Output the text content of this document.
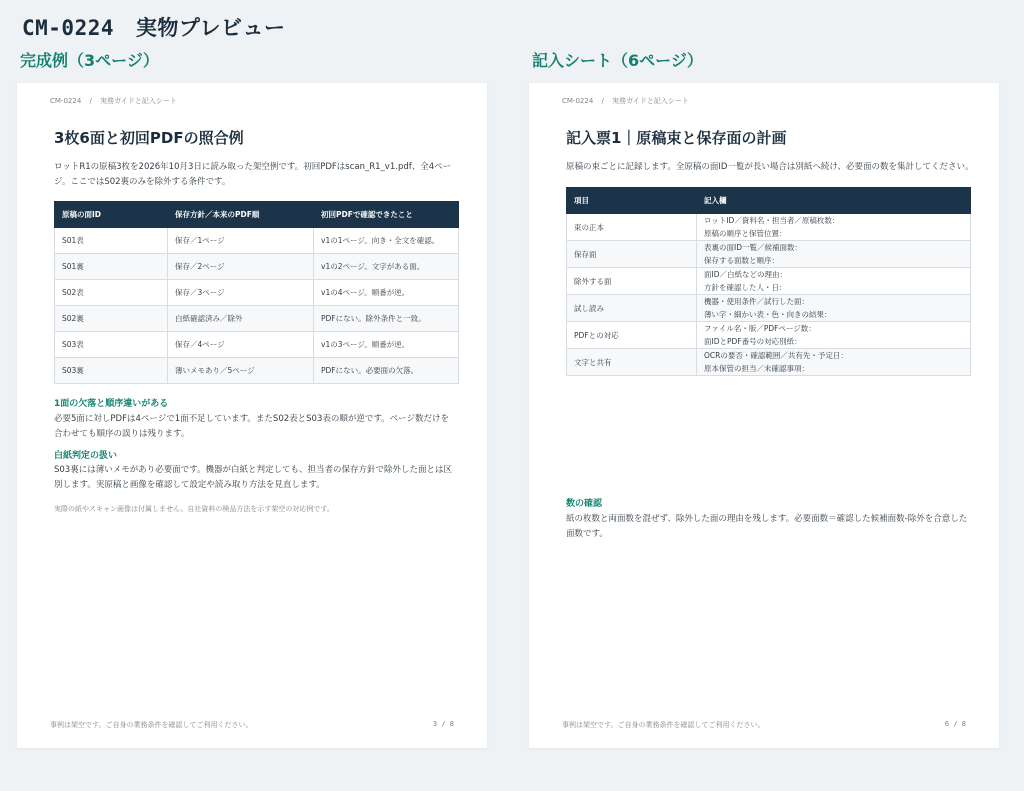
CM-0224 実物プレビュー
完成例（3ページ）	記入シート（6ページ）
CM-0224 / 実務ガイドと記入シート
3枚6面と初回PDFの照合例
ロットR1の原稿3枚を2026年10月3日に読み取った架空例です。初回PDFはscan_R1_v1.pdf、全4ページ。ここではS02裏のみを除外する条件です。
原稿の面ID	保存方針／本来のPDF順	初回PDFで確認できたこと
S01表	保存／1ページ	v1の1ページ。向き・全文を確認。
S01裏	保存／2ページ	v1の2ページ。文字がある面。
S02表	保存／3ページ	v1の4ページ。順番が逆。
S02裏	白紙確認済み／除外	PDFにない。除外条件と一致。
S03表	保存／4ページ	v1の3ページ。順番が逆。
S03裏	薄いメモあり／5ページ	PDFにない。必要面の欠落。
1面の欠落と順序違いがある
必要5面に対しPDFは4ページで1面不足しています。またS02表とS03表の順が逆です。ページ数だけを合わせても順序の誤りは残ります。
白紙判定の扱い
S03裏には薄いメモがあり必要面です。機器が白紙と判定しても、担当者の保存方針で除外した面とは区別します。実原稿と画像を確認して設定や読み取り方法を見直します。
実際の紙やスキャン画像は付属しません。自社資料の検品方法を示す架空の対応例です。
事例は架空です。ご自身の業務条件を確認してご利用ください。	3 / 8
CM-0224 / 実務ガイドと記入シート
記入票1｜原稿束と保存面の計画
原稿の束ごとに記録します。全原稿の面ID一覧が長い場合は別紙へ続け、必要面の数を集計してください。
項目	記入欄
束の正本	ロットID／資料名・担当者／原稿枚数：
原稿の順序と保管位置：

保存面	表裏の面ID一覧／候補面数：
保存する面数と順序：

除外する面	面ID／白紙などの理由：
方針を確認した人・日：

試し読み	機器・使用条件／試行した面：
薄い字・細かい表・色・向きの結果：

PDFとの対応	ファイル名・版／PDFページ数：
面IDとPDF番号の対応別紙：

文字と共有	OCRの要否・確認範囲／共有先・予定日：
原本保管の担当／未確認事項：
数の確認
紙の枚数と両面数を混ぜず、除外した面の理由を残します。必要面数＝確認した候補面数-除外を合意した面数です。
事例は架空です。ご自身の業務条件を確認してご利用ください。	6 / 8
